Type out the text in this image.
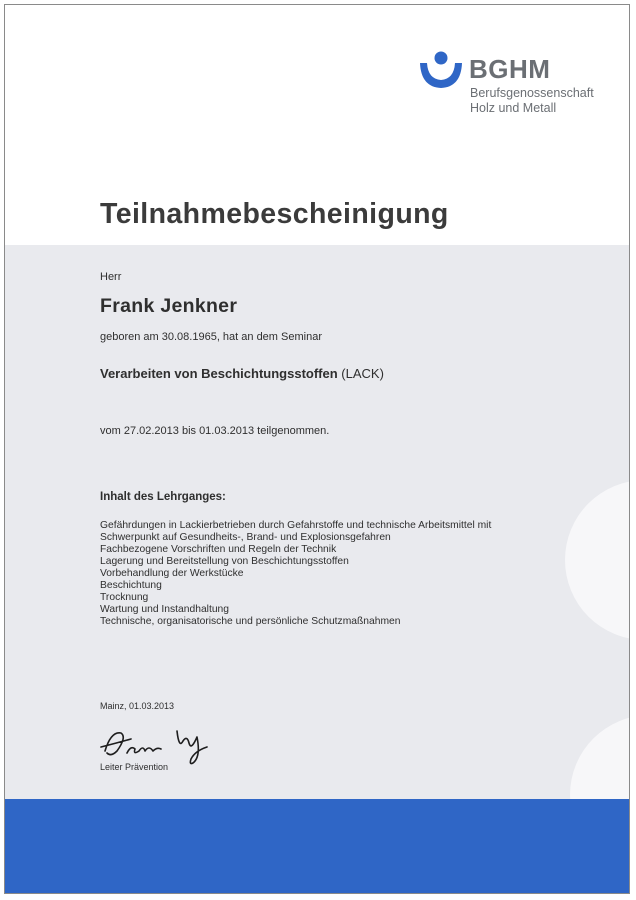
BGHM
Berufsgenossenschaft
Holz und Metall
Teilnahmebescheinigung
Herr
Frank Jenkner
geboren am 30.08.1965, hat an dem Seminar
Verarbeiten von Beschichtungsstoffen (LACK)
vom 27.02.2013 bis 01.03.2013 teilgenommen.
Inhalt des Lehrganges:
Gefährdungen in Lackierbetrieben durch Gefahrstoffe und technische Arbeitsmittel mit
Schwerpunkt auf Gesundheits-, Brand- und Explosionsgefahren
Fachbezogene Vorschriften und Regeln der Technik
Lagerung und Bereitstellung von Beschichtungsstoffen
Vorbehandlung der Werkstücke
Beschichtung
Trocknung
Wartung und Instandhaltung
Technische, organisatorische und persönliche Schutzmaßnahmen
Mainz, 01.03.2013
Leiter Prävention
